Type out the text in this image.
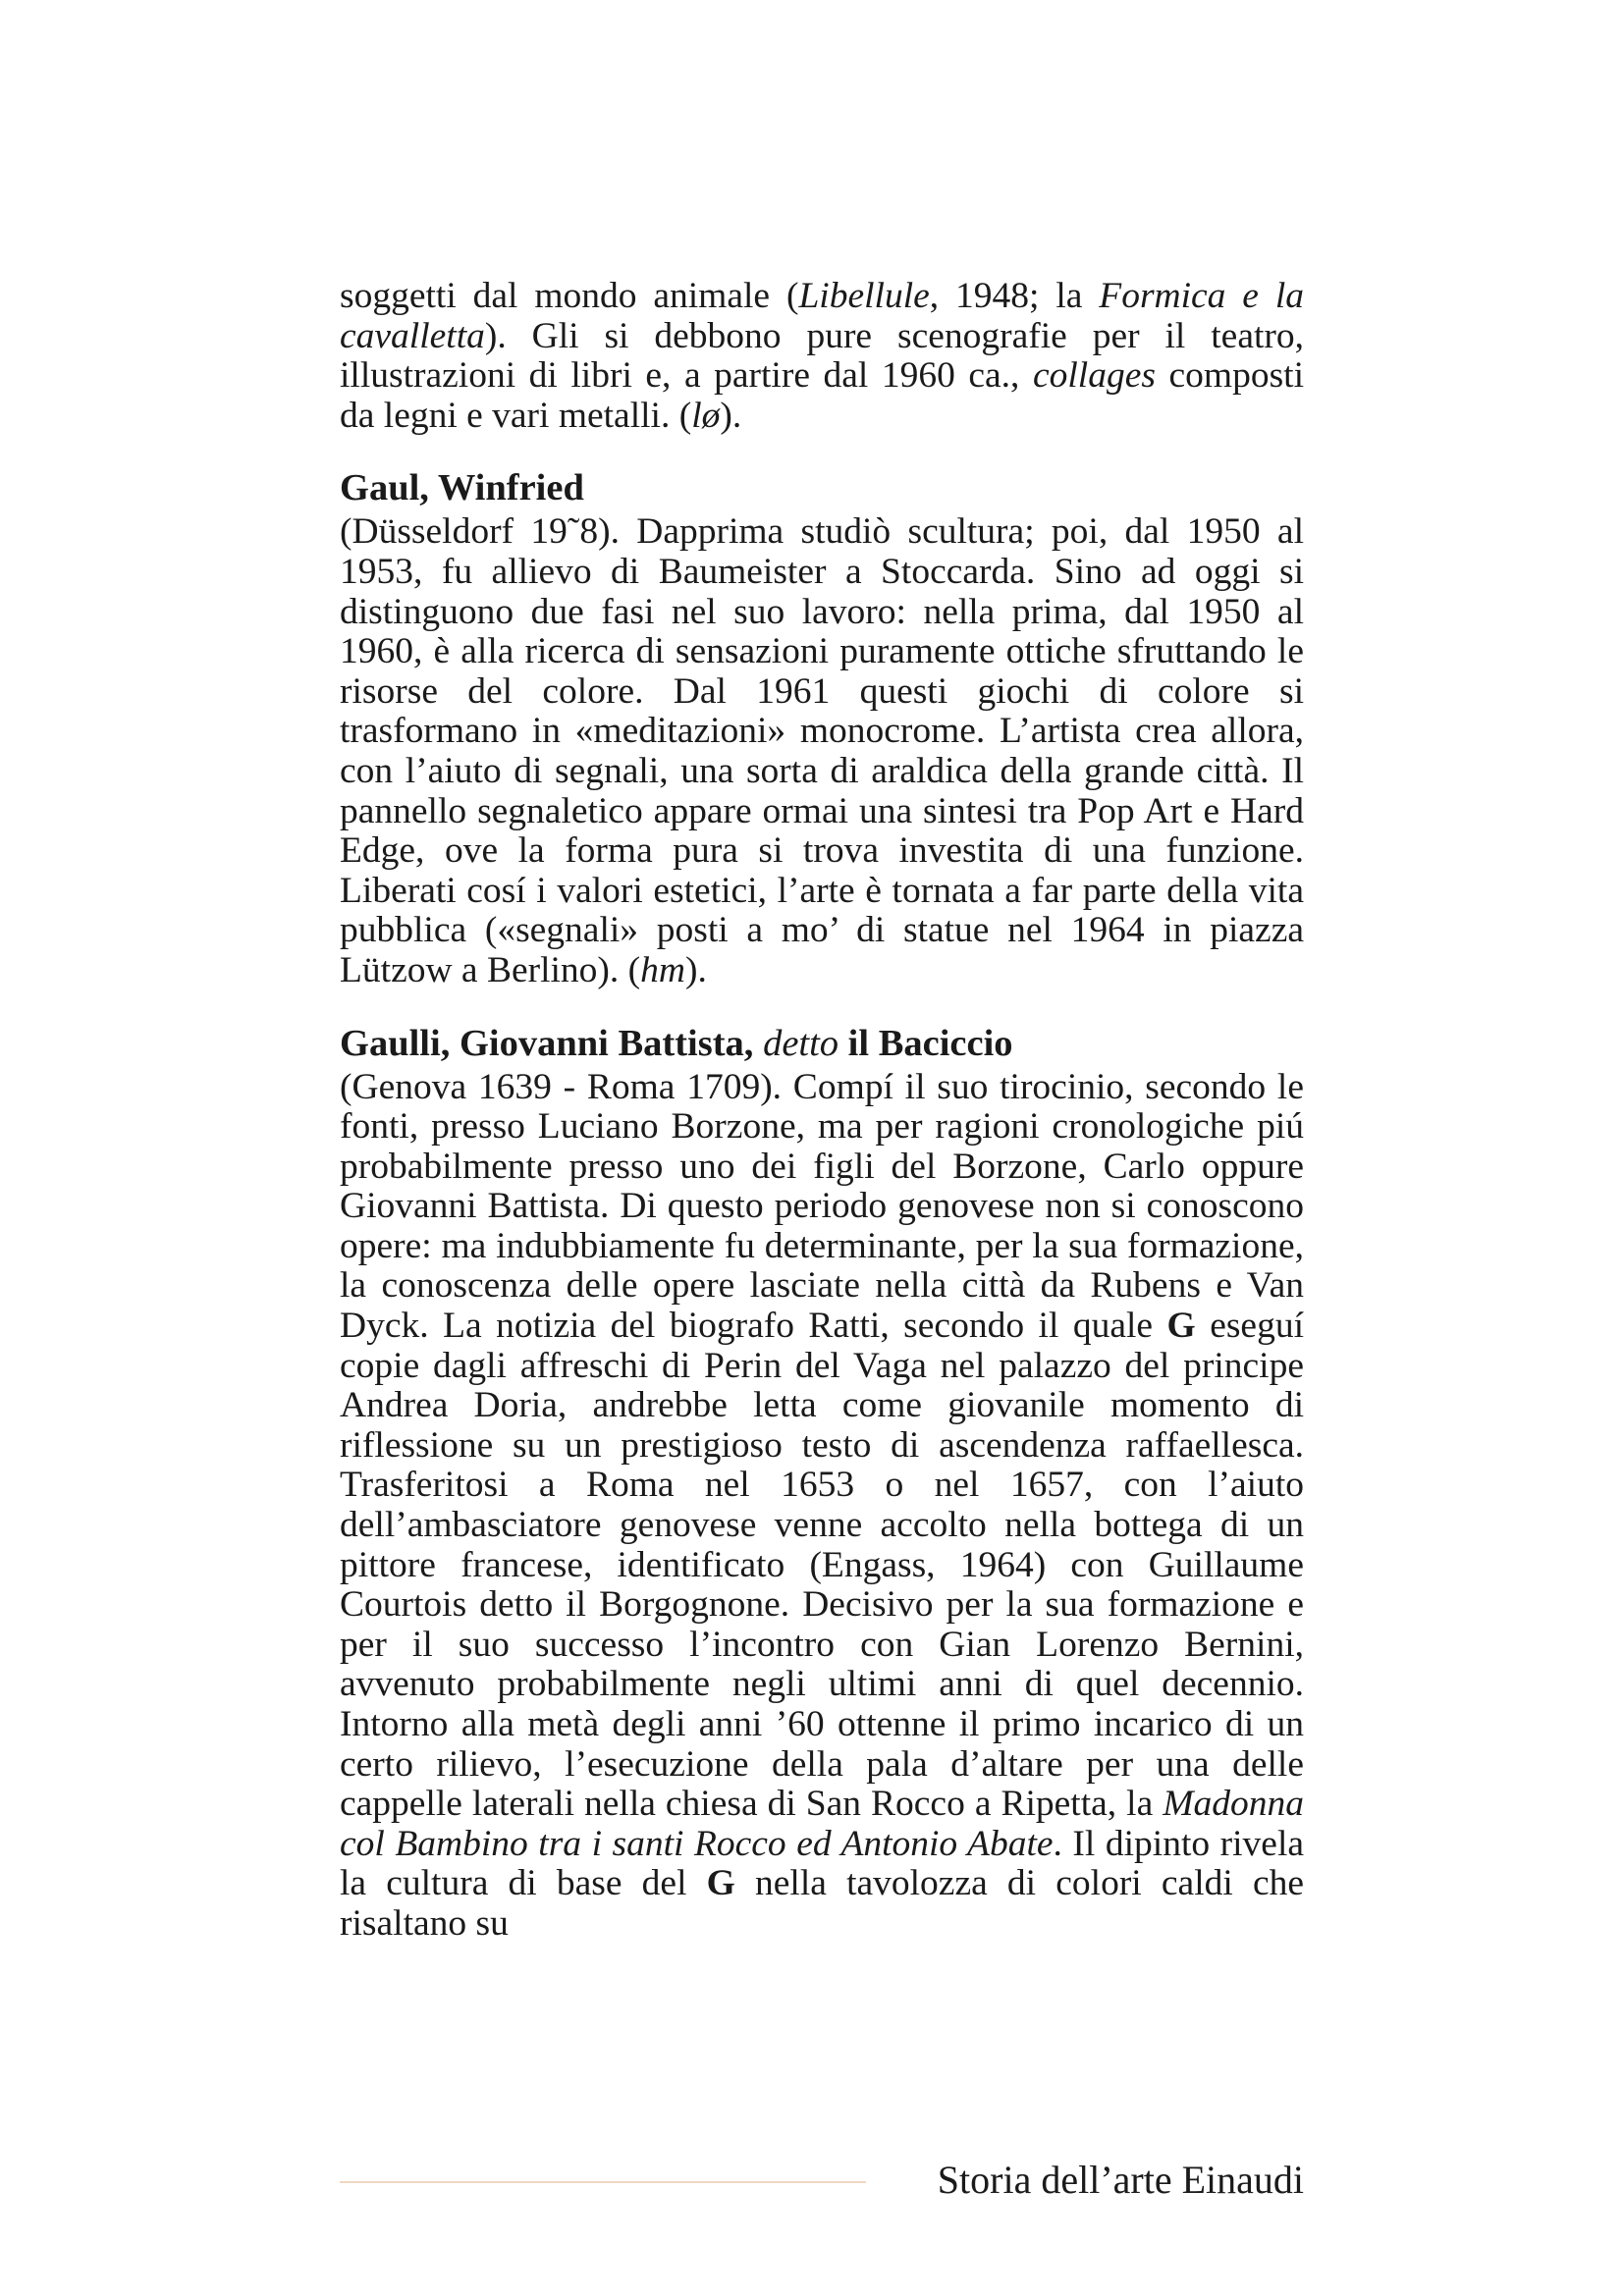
soggetti dal mondo animale (Libellule, 1948; la Formica e la cavalletta). Gli si debbono pure scenografie per il teatro, illustrazioni di libri e, a partire dal 1960 ca., collages composti da legni e vari metalli. (lø).

Gaul, Winfried

(Düsseldorf 19˜8). Dapprima studiò scultura; poi, dal 1950 al 1953, fu allievo di Baumeister a Stoccarda. Sino ad oggi si distinguono due fasi nel suo lavoro: nella prima, dal 1950 al 1960, è alla ricerca di sensazioni puramente ottiche sfruttando le risorse del colore. Dal 1961 questi giochi di colore si trasformano in «meditazioni» monocrome. L’artista crea allora, con l’aiuto di segnali, una sorta di araldica della grande città. Il pannello segnaletico appare ormai una sintesi tra Pop Art e Hard Edge, ove la forma pura si trova investita di una funzione. Liberati cosí i valori estetici, l’arte è tornata a far parte della vita pubblica («segnali» posti a mo’ di statue nel 1964 in piazza Lützow a Berlino). (hm).

Gaulli, Giovanni Battista, detto il Baciccio

(Genova 1639 - Roma 1709). Compí il suo tirocinio, secondo le fonti, presso Luciano Borzone, ma per ragioni cronologiche piú probabilmente presso uno dei figli del Borzone, Carlo oppure Giovanni Battista. Di questo periodo genovese non si conoscono opere: ma indubbiamente fu determinante, per la sua formazione, la conoscenza delle opere lasciate nella città da Rubens e Van Dyck. La notizia del biografo Ratti, secondo il quale G eseguí copie dagli affreschi di Perin del Vaga nel palazzo del principe Andrea Doria, andrebbe letta come giovanile momento di riflessione su un prestigioso testo di ascendenza raffaellesca. Trasferitosi a Roma nel 1653 o nel 1657, con l’aiuto dell’ambasciatore genovese venne accolto nella bottega di un pittore francese, identificato (Engass, 1964) con Guillaume Courtois detto il Borgognone. Decisivo per la sua formazione e per il suo successo l’incontro con Gian Lorenzo Bernini, avvenuto probabilmente negli ultimi anni di quel decennio. Intorno alla metà degli anni ’60 ottenne il primo incarico di un certo rilievo, l’esecuzione della pala d’altare per una delle cappelle laterali nella chiesa di San Rocco a Ripetta, la Madonna col Bambino tra i santi Rocco ed Antonio Abate. Il dipinto rivela la cultura di base del G nella tavolozza di colori caldi che risaltano su

Storia dell’arte Einaudi
